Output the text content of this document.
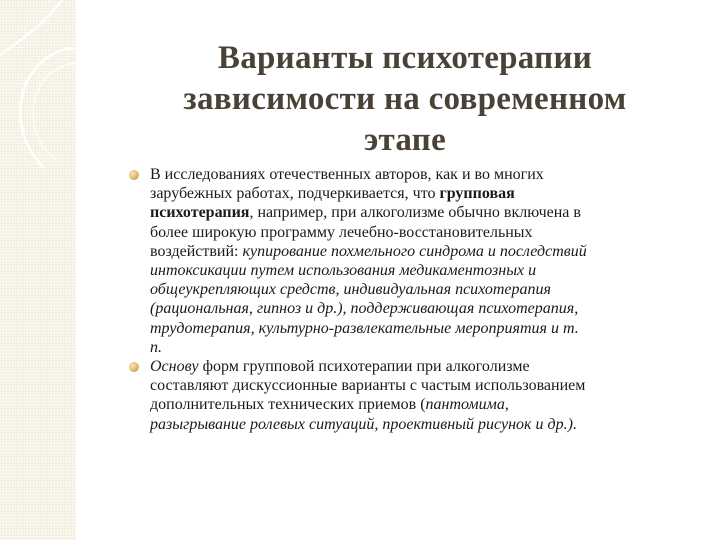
Варианты психотерапии
зависимости на современном
этапе
В исследованиях отечественных авторов, как и во многих
зарубежных работах, подчеркивается, что групповая
психотерапия, например, при алкоголизме обычно включена в
более широкую программу лечебно-восстановительных
воздействий: купирование похмельного синдрома и последствий
интоксикации путем использования медикаментозных и
общеукрепляющих средств, индивидуальная психотерапия
(рациональная, гипноз и др.), поддерживающая психотерапия,
трудотерапия, культурно-развлекательные мероприятия и т.
п.
Основу форм групповой психотерапии при алкоголизме
составляют дискуссионные варианты с частым использованием
дополнительных технических приемов (пантомима,
разыгрывание ролевых ситуаций, проективный рисунок и др.).
